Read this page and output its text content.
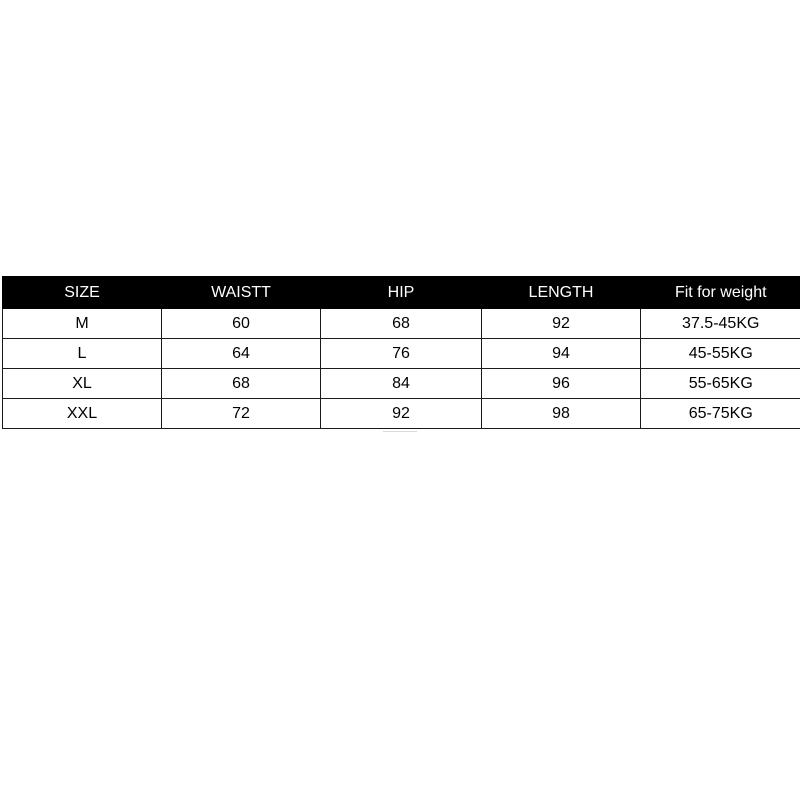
SIZE	WAISTT	HIP	LENGTH	Fit for weight
M	60	68	92	37.5-45KG
L	64	76	94	45-55KG
XL	68	84	96	55-65KG
XXL	72	92	98	65-75KG
